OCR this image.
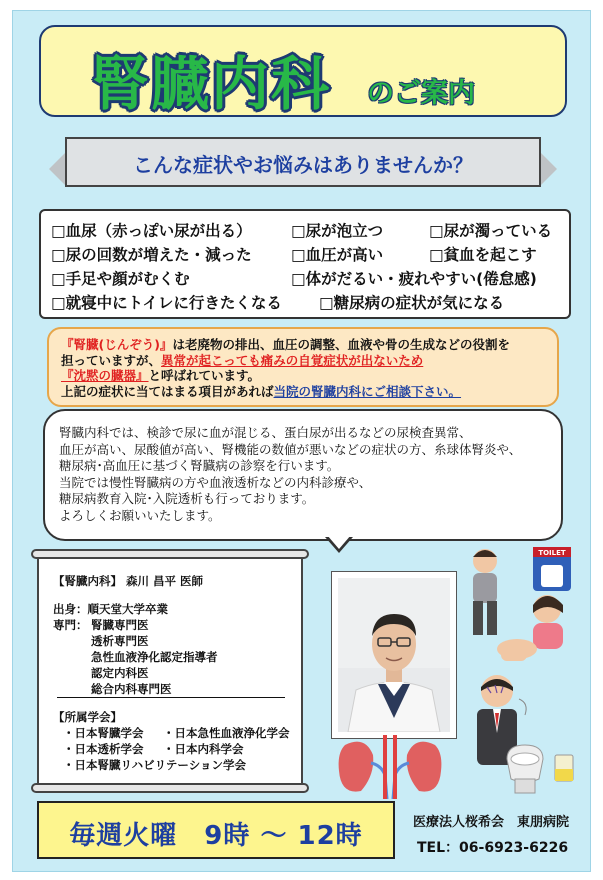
腎臓内科 のご案内
こんな症状やお悩みはありませんか？
□血尿（赤っぽい尿が出る）	□尿が泡立つ	□尿が濁っている
□尿の回数が増えた・減った	□血圧が高い	□貧血を起こす
□手足や顔がむくむ	□体がだるい・疲れやすい(倦怠感)
□就寝中にトイレに行きたくなる □糖尿病の症状が気になる
『腎臓(じんぞう)』は老廃物の排出、血圧の調整、血液や骨の生成などの役割を
担っていますが、異常が起こっても痛みの自覚症状が出ないため
『沈黙の臓器』と呼ばれています。
上記の症状に当てはまる項目があれば当院の腎臓内科にご相談下さい。
腎臓内科では、検診で尿に血が混じる、蛋白尿が出るなどの尿検査異常、
血圧が高い、尿酸値が高い、腎機能の数値が悪いなどの症状の方、糸球体腎炎や、
糖尿病･高血圧に基づく腎臓病の診察を行います。
当院では慢性腎臓病の方や血液透析などの内科診療や、
糖尿病教育入院･入院透析も行っております。
よろしくお願いいたします。
【腎臓内科】 森川 昌平 医師
出身：順天堂大学卒業
専門： 腎臓専門医
透析専門医
急性血液浄化認定指導者
認定内科医
総合内科専門医
【所属学会】
・日本腎臓学会 ・日本急性血液浄化学会
・日本透析学会 ・日本内科学会
・日本腎臓リハビリテーション学会
TOILET
毎週火曜　9時 ～ 12時	医療法人桜希会　東朋病院
TEL：06-6923-6226
